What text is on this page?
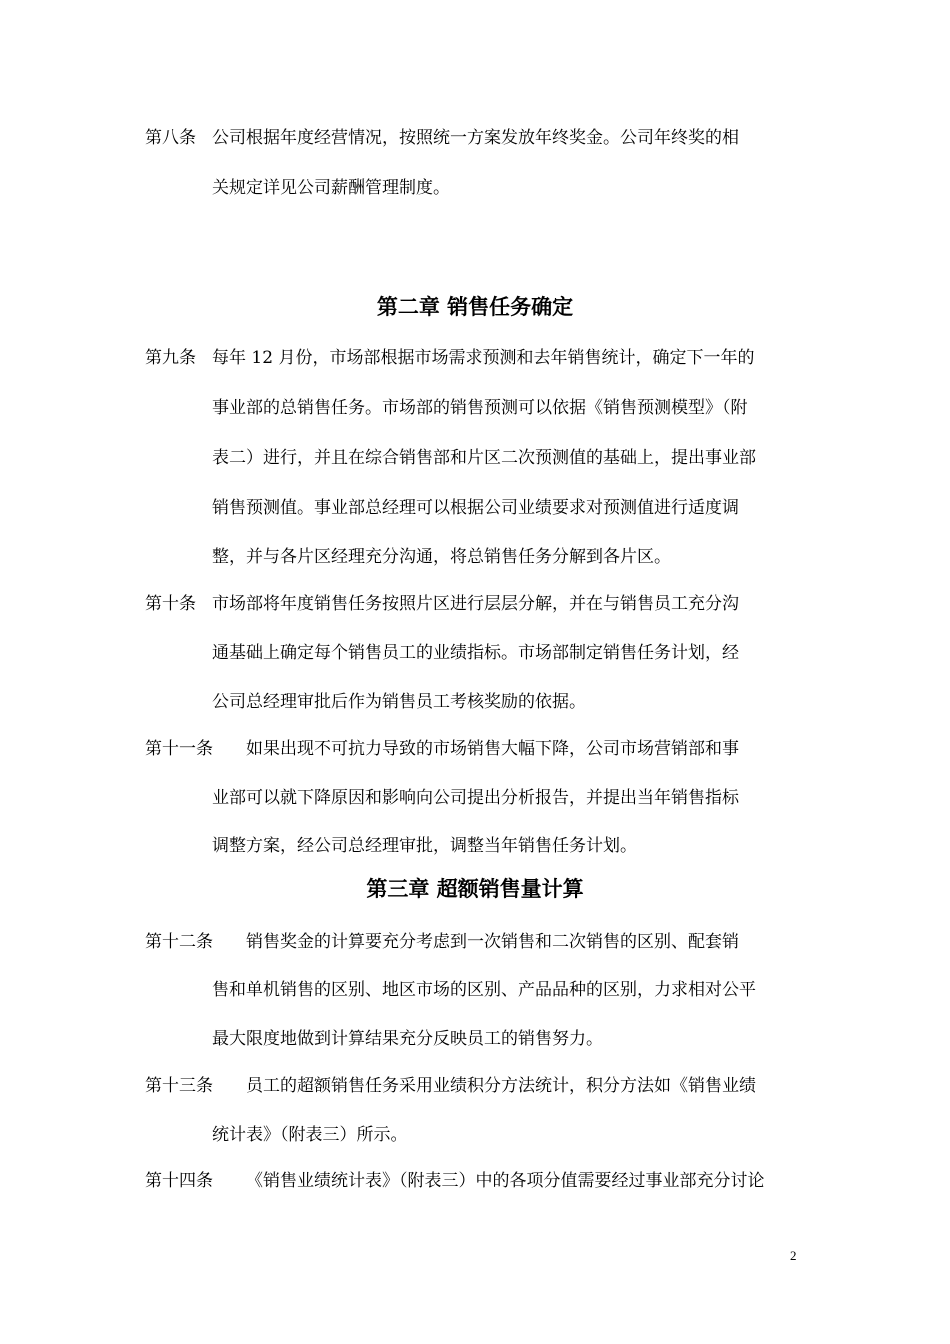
第八条 公司根据年度经营情况，按照统一方案发放年终奖金。公司年终奖的相
关规定详见公司薪酬管理制度。
第二章 销售任务确定
第九条 每年 12 月份，市场部根据市场需求预测和去年销售统计，确定下一年的
事业部的总销售任务。市场部的销售预测可以依据《销售预测模型》（附
表二）进行，并且在综合销售部和片区二次预测值的基础上，提出事业部
销售预测值。事业部总经理可以根据公司业绩要求对预测值进行适度调
整，并与各片区经理充分沟通，将总销售任务分解到各片区。
第十条 市场部将年度销售任务按照片区进行层层分解，并在与销售员工充分沟
通基础上确定每个销售员工的业绩指标。市场部制定销售任务计划，经
公司总经理审批后作为销售员工考核奖励的依据。
第十一条 如果出现不可抗力导致的市场销售大幅下降，公司市场营销部和事
业部可以就下降原因和影响向公司提出分析报告，并提出当年销售指标
调整方案，经公司总经理审批，调整当年销售任务计划。
第三章 超额销售量计算
第十二条 销售奖金的计算要充分考虑到一次销售和二次销售的区别、配套销
售和单机销售的区别、地区市场的区别、产品品种的区别，力求相对公平
最大限度地做到计算结果充分反映员工的销售努力。
第十三条 员工的超额销售任务采用业绩积分方法统计，积分方法如《销售业绩
统计表》（附表三）所示。
第十四条 《销售业绩统计表》（附表三）中的各项分值需要经过事业部充分讨论
2
